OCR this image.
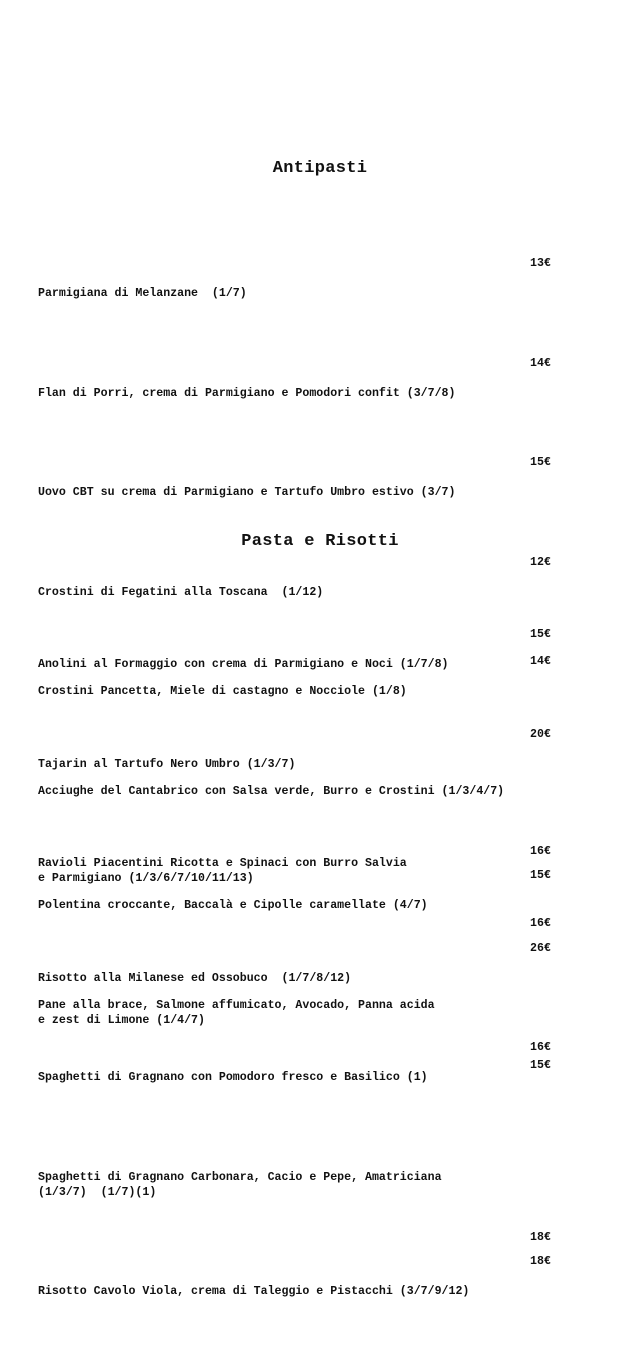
Antipasti

Parmigiana di Melanzane  (1/7)

13€

Flan di Porri, crema di Parmigiano e Pomodori confit (3/7/8)

14€

Uovo CBT su crema di Parmigiano e Tartufo Umbro estivo (3/7)

15€

Crostini di Fegatini alla Toscana  (1/12)

12€

Crostini Pancetta, Miele di castagno e Nocciole (1/8)

14€

Acciughe del Cantabrico con Salsa verde, Burro e Crostini (1/3/4/7)

16€

Polentina croccante, Baccalà e Cipolle caramellate (4/7)

15€

Pane alla brace, Salmone affumicato, Avocado, Panna acida
e zest di Limone (1/4/7)

15€

Pasta e Risotti

Anolini al Formaggio con crema di Parmigiano e Noci (1/7/8)

15€

Tajarin al Tartufo Nero Umbro (1/3/7)

20€

Ravioli Piacentini Ricotta e Spinaci con Burro Salvia
e Parmigiano (1/3/6/7/10/11/13)

16€

Risotto alla Milanese ed Ossobuco  (1/7/8/12)

26€

Spaghetti di Gragnano con Pomodoro fresco e Basilico (1)

16€

Spaghetti di Gragnano Carbonara, Cacio e Pepe, Amatriciana
(1/3/7)  (1/7)(1)

18€

Risotto Cavolo Viola, crema di Taleggio e Pistacchi (3/7/9/12)

18€
